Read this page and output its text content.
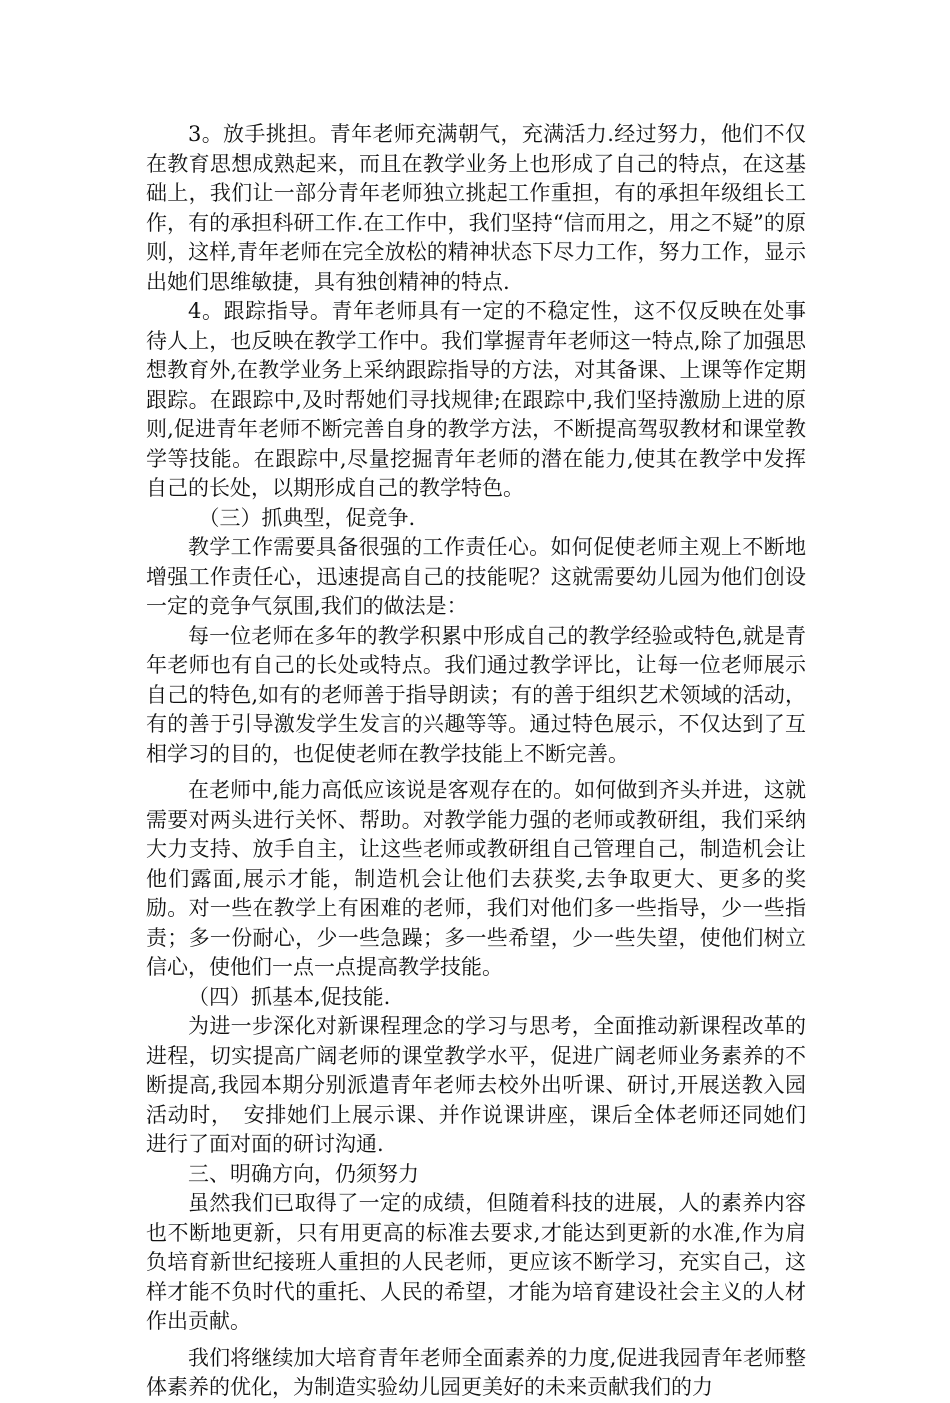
3。放手挑担。青年老师充满朝气，充满活力.经过努力，他们不仅在教育思想成熟起来，而且在教学业务上也形成了自己的特点，在这基础上，我们让一部分青年老师独立挑起工作重担，有的承担年级组长工作，有的承担科研工作.在工作中，我们坚持“信而用之，用之不疑”的原则，这样,青年老师在完全放松的精神状态下尽力工作，努力工作，显示出她们思维敏捷，具有独创精神的特点.

4。跟踪指导。青年老师具有一定的不稳定性，这不仅反映在处事待人上，也反映在教学工作中。我们掌握青年老师这一特点,除了加强思想教育外,在教学业务上采纳跟踪指导的方法，对其备课、上课等作定期跟踪。在跟踪中,及时帮她们寻找规律;在跟踪中,我们坚持激励上进的原则,促进青年老师不断完善自身的教学方法，不断提高驾驭教材和课堂教学等技能。在跟踪中,尽量挖掘青年老师的潜在能力,使其在教学中发挥自己的长处，以期形成自己的教学特色。

（三）抓典型，促竞争.

教学工作需要具备很强的工作责任心。如何促使老师主观上不断地增强工作责任心，迅速提高自己的技能呢？这就需要幼儿园为他们创设一定的竞争气氛围,我们的做法是：

每一位老师在多年的教学积累中形成自己的教学经验或特色,就是青年老师也有自己的长处或特点。我们通过教学评比，让每一位老师展示自己的特色,如有的老师善于指导朗读；有的善于组织艺术领域的活动，有的善于引导激发学生发言的兴趣等等。通过特色展示，不仅达到了互相学习的目的，也促使老师在教学技能上不断完善。

在老师中,能力高低应该说是客观存在的。如何做到齐头并进，这就需要对两头进行关怀、帮助。对教学能力强的老师或教研组，我们采纳大力支持、放手自主，让这些老师或教研组自己管理自己，制造机会让他们露面,展示才能，制造机会让他们去获奖,去争取更大、更多的奖励。对一些在教学上有困难的老师，我们对他们多一些指导，少一些指责；多一份耐心，少一些急躁；多一些希望，少一些失望，使他们树立信心，使他们一点一点提高教学技能。

（四）抓基本,促技能.

为进一步深化对新课程理念的学习与思考，全面推动新课程改革的进程，切实提高广阔老师的课堂教学水平，促进广阔老师业务素养的不断提高,我园本期分别派遣青年老师去校外出听课、研讨,开展送教入园活动时，　安排她们上展示课、并作说课讲座，课后全体老师还同她们进行了面对面的研讨沟通.

三、明确方向，仍须努力

虽然我们已取得了一定的成绩，但随着科技的进展，人的素养内容也不断地更新，只有用更高的标准去要求,才能达到更新的水准,作为肩负培育新世纪接班人重担的人民老师，更应该不断学习，充实自己，这样才能不负时代的重托、人民的希望，才能为培育建设社会主义的人材作出贡献。

我们将继续加大培育青年老师全面素养的力度,促进我园青年老师整体素养的优化，为制造实验幼儿园更美好的未来贡献我们的力
